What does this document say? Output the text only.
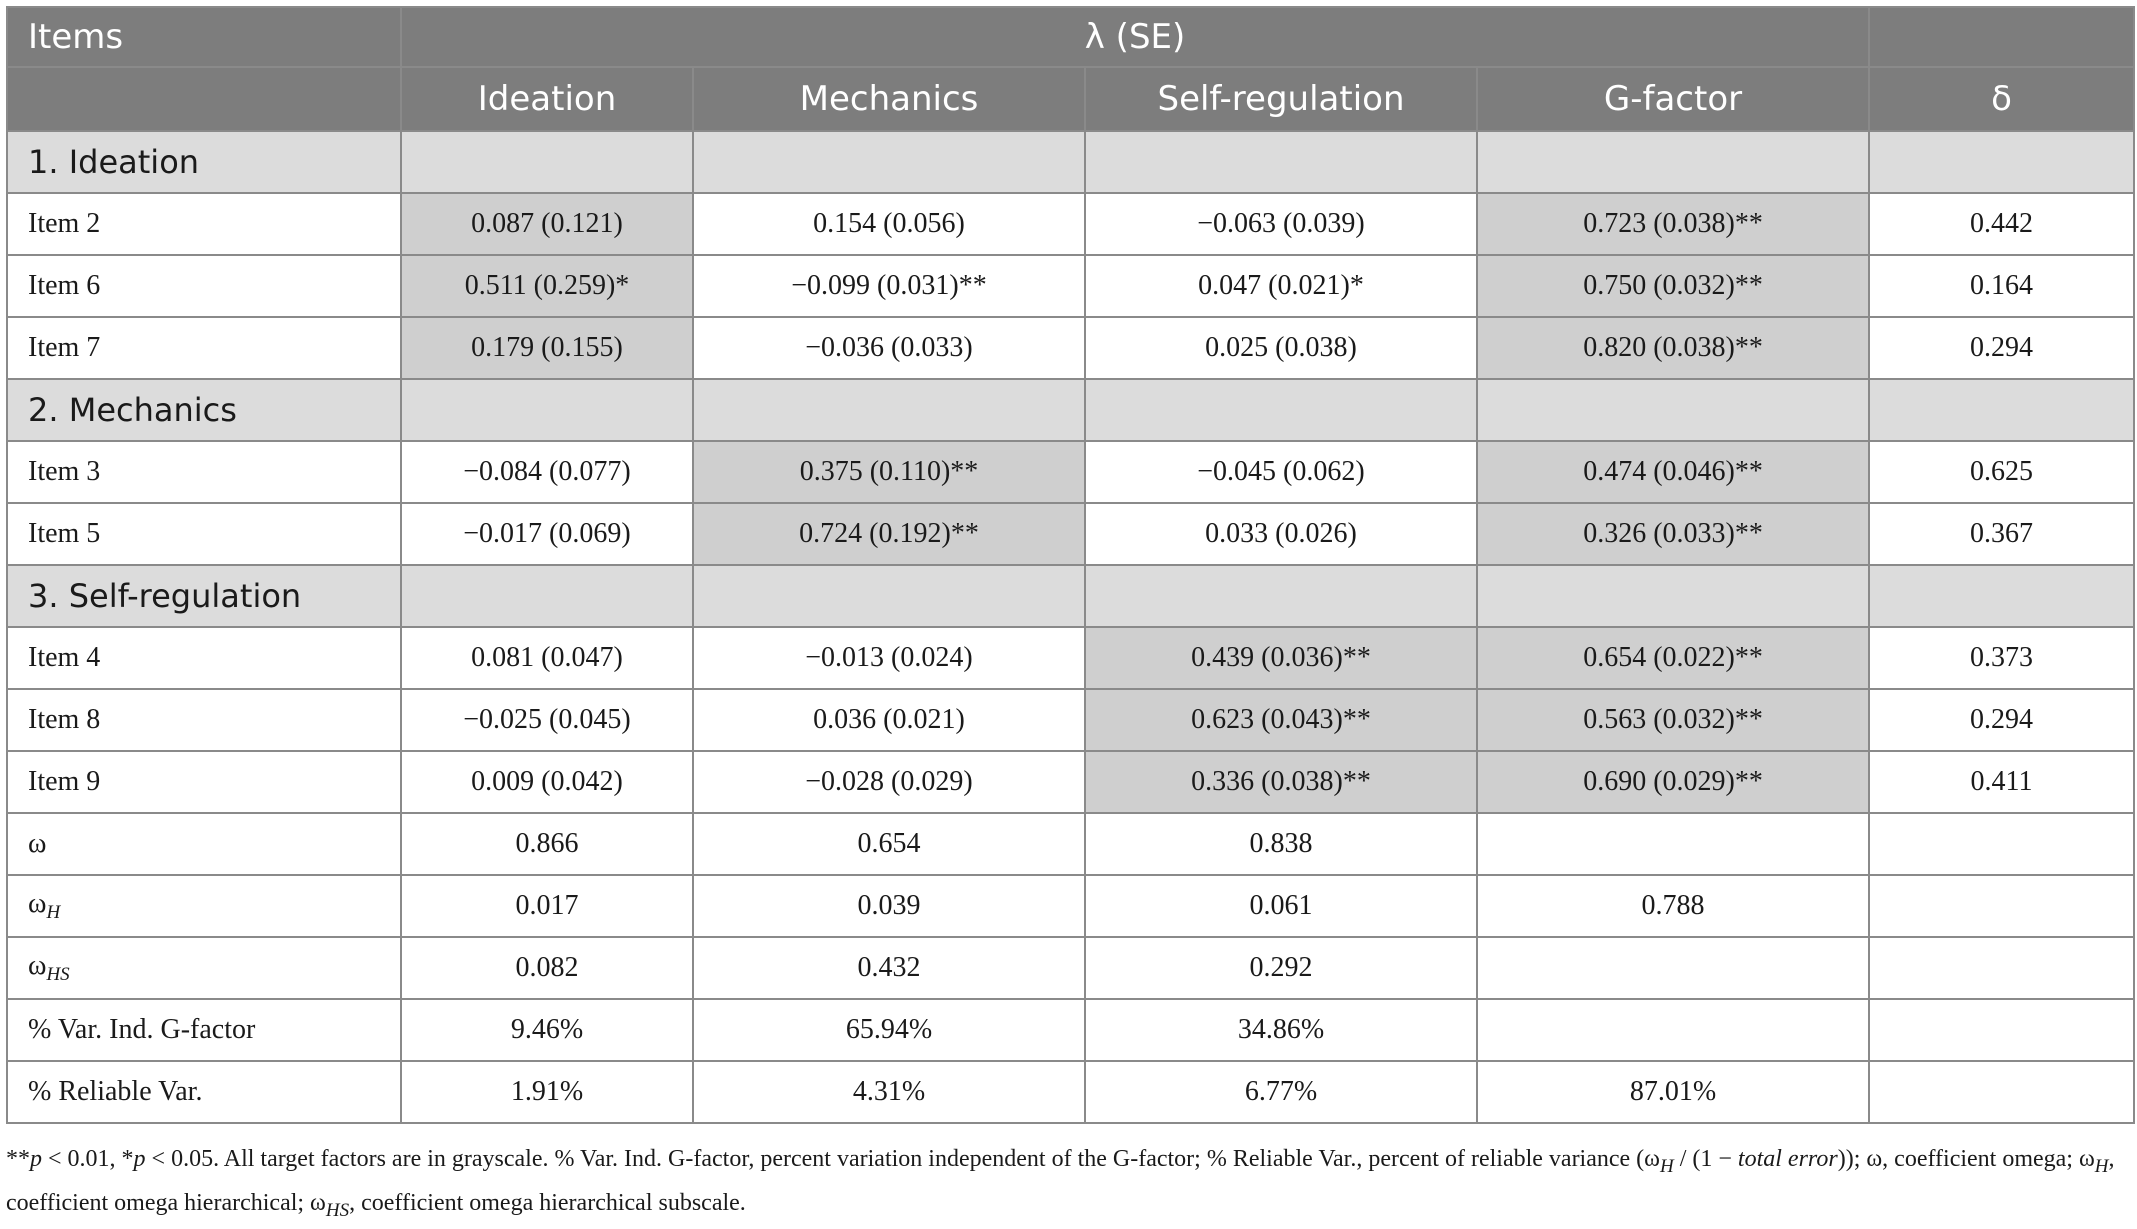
Items	λ (SE)				
	Ideation	Mechanics	Self-regulation	G-factor	δ
1. Ideation					
Item 2	0.087 (0.121)	0.154 (0.056)	−0.063 (0.039)	0.723 (0.038)**	0.442
Item 6	0.511 (0.259)*	−0.099 (0.031)**	0.047 (0.021)*	0.750 (0.032)**	0.164
Item 7	0.179 (0.155)	−0.036 (0.033)	0.025 (0.038)	0.820 (0.038)**	0.294
2. Mechanics					
Item 3	−0.084 (0.077)	0.375 (0.110)**	−0.045 (0.062)	0.474 (0.046)**	0.625
Item 5	−0.017 (0.069)	0.724 (0.192)**	0.033 (0.026)	0.326 (0.033)**	0.367
3. Self-regulation					
Item 4	0.081 (0.047)	−0.013 (0.024)	0.439 (0.036)**	0.654 (0.022)**	0.373
Item 8	−0.025 (0.045)	0.036 (0.021)	0.623 (0.043)**	0.563 (0.032)**	0.294
Item 9	0.009 (0.042)	−0.028 (0.029)	0.336 (0.038)**	0.690 (0.029)**	0.411
ω	0.866	0.654	0.838		
$\omega_H$	0.017	0.039	0.061	0.788	
$\omega_{HS}$	0.082	0.432	0.292		
% Var. Ind. G-factor	9.46%	65.94%	34.86%		
% Reliable Var.	1.91%	4.31%	6.77%	87.01%	
**p < 0.01, *p < 0.05. All target factors are in grayscale. % Var. Ind. G-factor, percent variation independent of the G-factor; % Reliable Var., percent of reliable variance ($\omega_H / (1$ − total error)); ω, coefficient omega; $\omega_H$, coefficient omega hierarchical; $\omega_{HS}$, coefficient omega hierarchical subscale.
